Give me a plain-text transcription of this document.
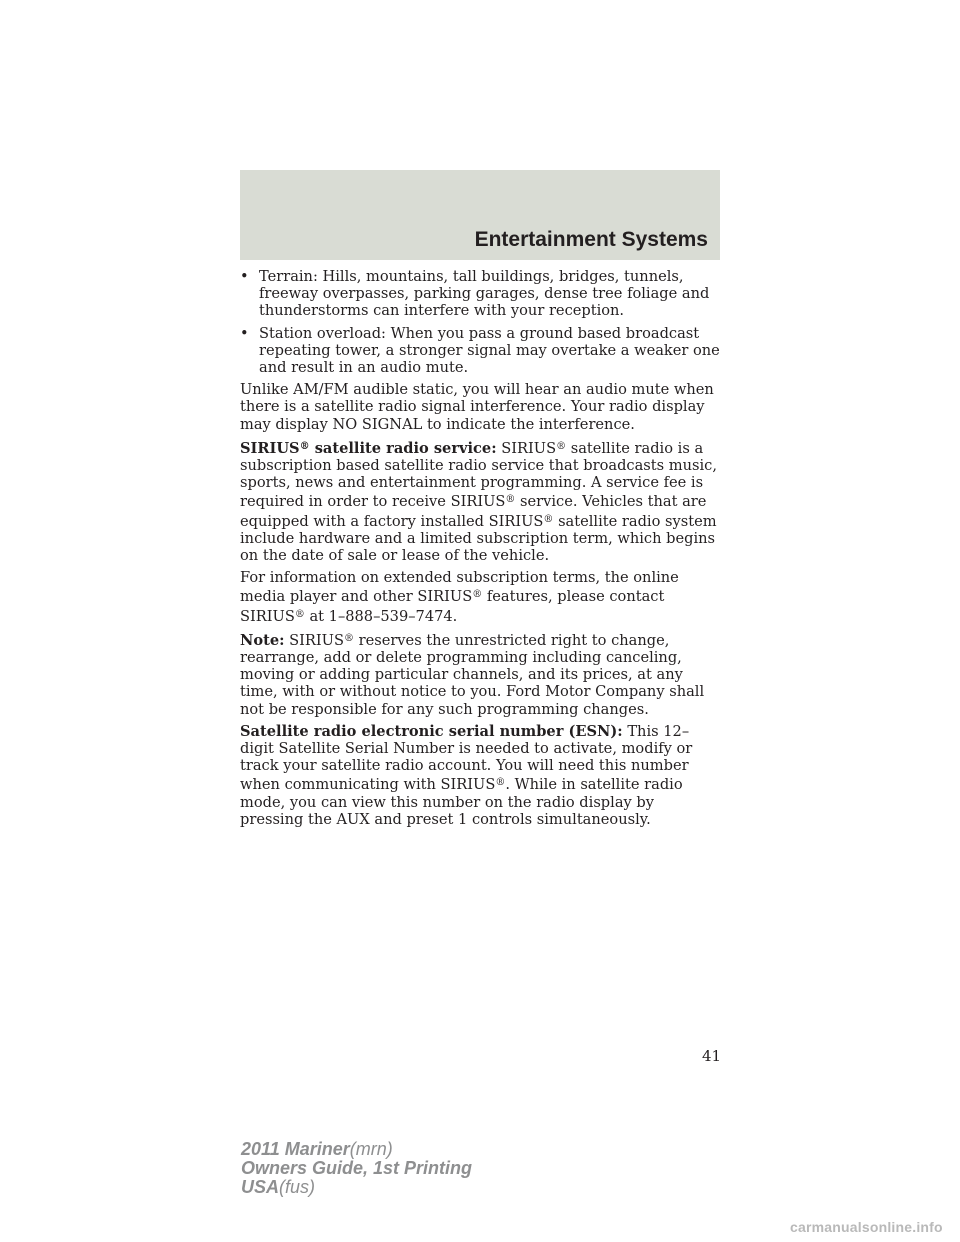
Entertainment Systems
• Terrain: Hills, mountains, tall buildings, bridges, tunnels, freeway overpasses, parking garages, dense tree foliage and thunderstorms can interfere with your reception.
• Station overload: When you pass a ground based broadcast repeating tower, a stronger signal may overtake a weaker one and result in an audio mute.

Unlike AM/FM audible static, you will hear an audio mute when there is a satellite radio signal interference. Your radio display may display NO SIGNAL to indicate the interference.

SIRIUS® satellite radio service: SIRIUS® satellite radio is a subscription based satellite radio service that broadcasts music, sports, news and entertainment programming. A service fee is required in order to receive SIRIUS® service. Vehicles that are equipped with a factory installed SIRIUS® satellite radio system include hardware and a limited subscription term, which begins on the date of sale or lease of the vehicle.

For information on extended subscription terms, the online media player and other SIRIUS® features, please contact SIRIUS® at 1–888–539–7474.

Note: SIRIUS® reserves the unrestricted right to change, rearrange, add or delete programming including canceling, moving or adding particular channels, and its prices, at any time, with or without notice to you. Ford Motor Company shall not be responsible for any such programming changes.

Satellite radio electronic serial number (ESN): This 12–digit Satellite Serial Number is needed to activate, modify or track your satellite radio account. You will need this number when communicating with SIRIUS®. While in satellite radio mode, you can view this number on the radio display by pressing the AUX and preset 1 controls simultaneously.

41
2011 Mariner(mrn)
Owners Guide, 1st Printing
USA(fus)
carmanualsonline.info
